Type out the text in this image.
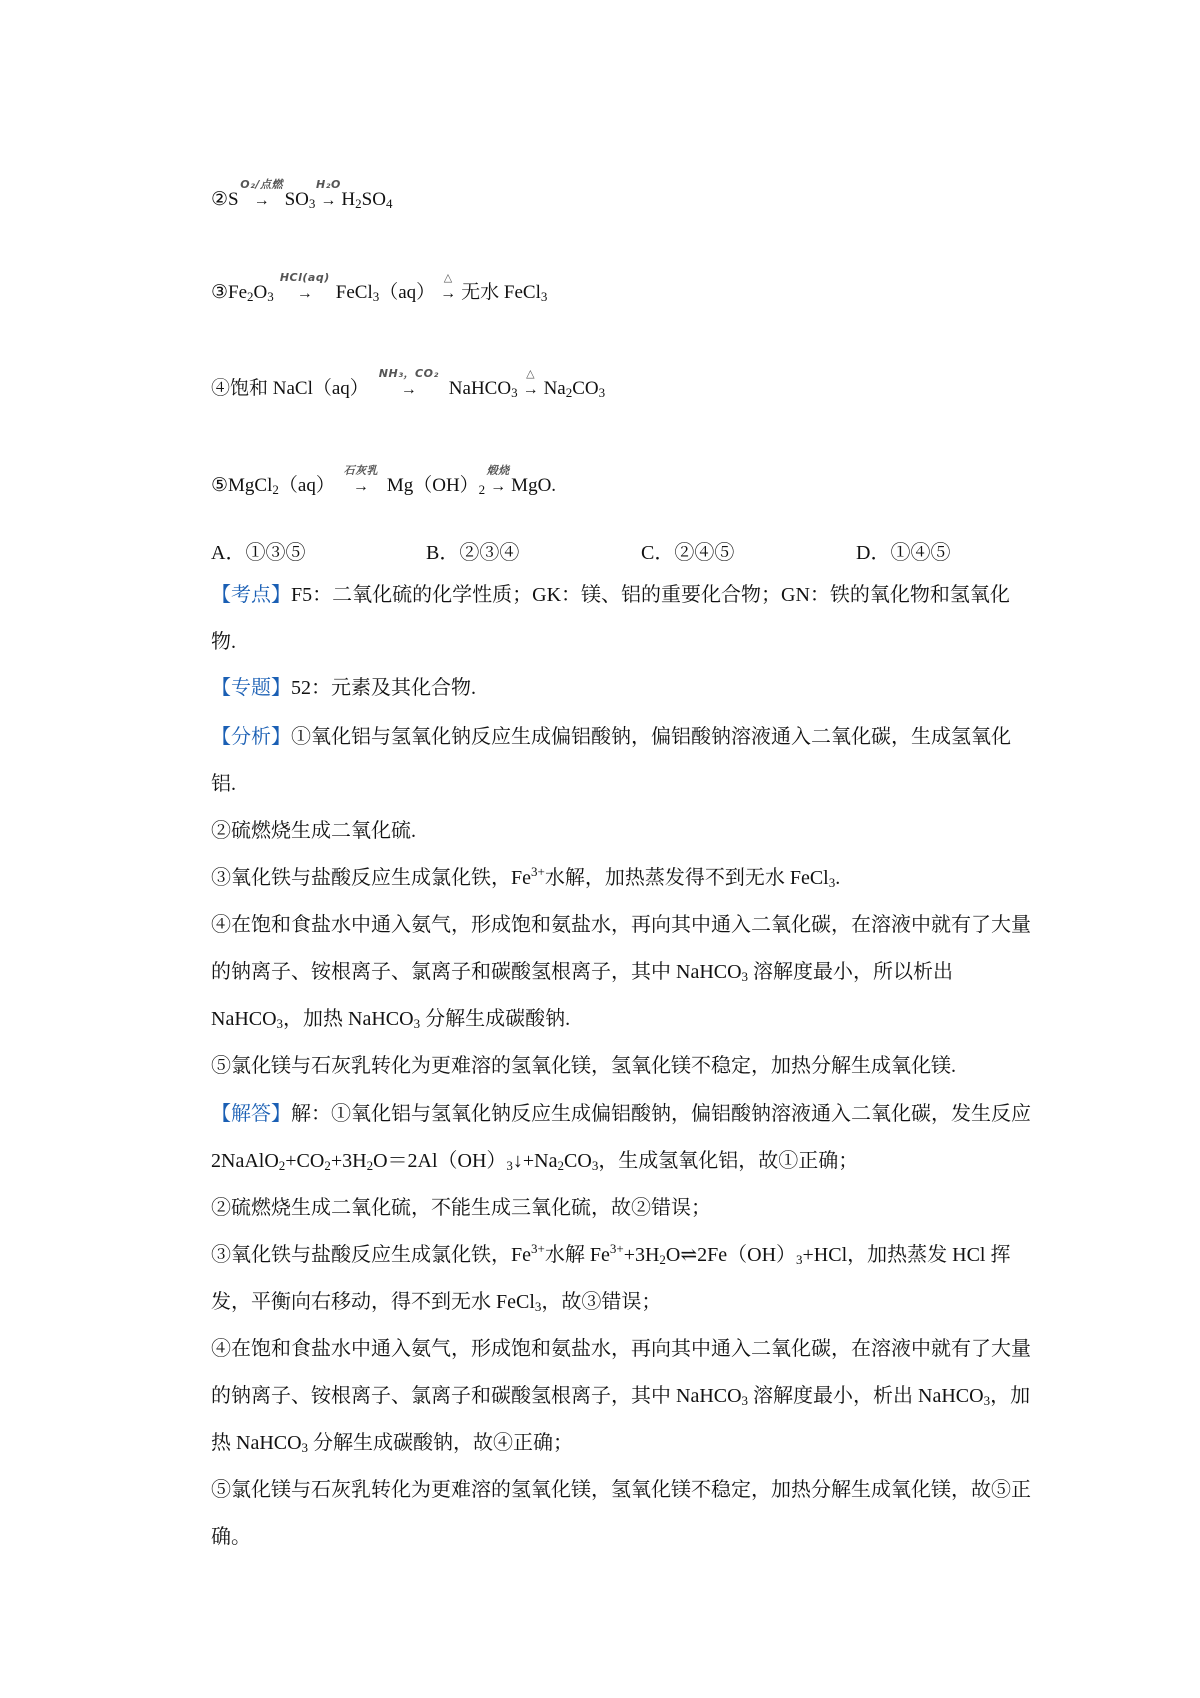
②S
O₂/点燃
→ $SO_3$
H₂O
→ $H_2SO_4$
$③Fe_2O_3$
HCl(aq)
→ FeCl$_3$（aq）
△
→ 无水 FeCl$_3$
④饱和 NaCl（aq）
NH₃，CO₂
→ NaHCO$_3$
△
→ $Na_2CO_3$
⑤MgCl$_2$（aq）
石灰乳
→ $Mg(OH)_2$
煅烧
→ MgO.
A．①③⑤	B．②③④	C．②④⑤	D．①④⑤
【考点】F5：二氧化硫的化学性质；GK：镁、铝的重要化合物；GN：铁的氧化物和氢氧化物.
【专题】52：元素及其化合物.
【分析】①氧化铝与氢氧化钠反应生成偏铝酸钠，偏铝酸钠溶液通入二氧化碳，生成氢氧化铝.
②硫燃烧生成二氧化硫.
③氧化铁与盐酸反应生成氯化铁，$Fe^{3+}$水解，加热蒸发得不到无水 FeCl$_3$.
④在饱和食盐水中通入氨气，形成饱和氨盐水，再向其中通入二氧化碳，在溶液中就有了大量的钠离子、铵根离子、氯离子和碳酸氢根离子，其中 NaHCO$_3$ 溶解度最小，所以析出 NaHCO$_3$，加热 NaHCO$_3$ 分解生成碳酸钠.
⑤氯化镁与石灰乳转化为更难溶的氢氧化镁，氢氧化镁不稳定，加热分解生成氧化镁.
【解答】解：①氧化铝与氢氧化钠反应生成偏铝酸钠，偏铝酸钠溶液通入二氧化碳，发生反应 $2NaAlO_2+CO_2+3H_2O=2Al(OH)_3↓+Na_2CO_3$，生成氢氧化铝，故①正确；
②硫燃烧生成二氧化硫，不能生成三氧化硫，故②错误；
③氧化铁与盐酸反应生成氯化铁，$Fe^{3+}$水解 $Fe^{3+}+3H_2O\rightleftharpoons 2Fe(OH)_3+HCl$，加热蒸发 HCl 挥发，平衡向右移动，得不到无水 FeCl$_3$，故③错误；
④在饱和食盐水中通入氨气，形成饱和氨盐水，再向其中通入二氧化碳，在溶液中就有了大量的钠离子、铵根离子、氯离子和碳酸氢根离子，其中 NaHCO$_3$ 溶解度最小，析出 NaHCO$_3$，加热 NaHCO$_3$ 分解生成碳酸钠，故④正确；
⑤氯化镁与石灰乳转化为更难溶的氢氧化镁，氢氧化镁不稳定，加热分解生成氧化镁，故⑤正确。
